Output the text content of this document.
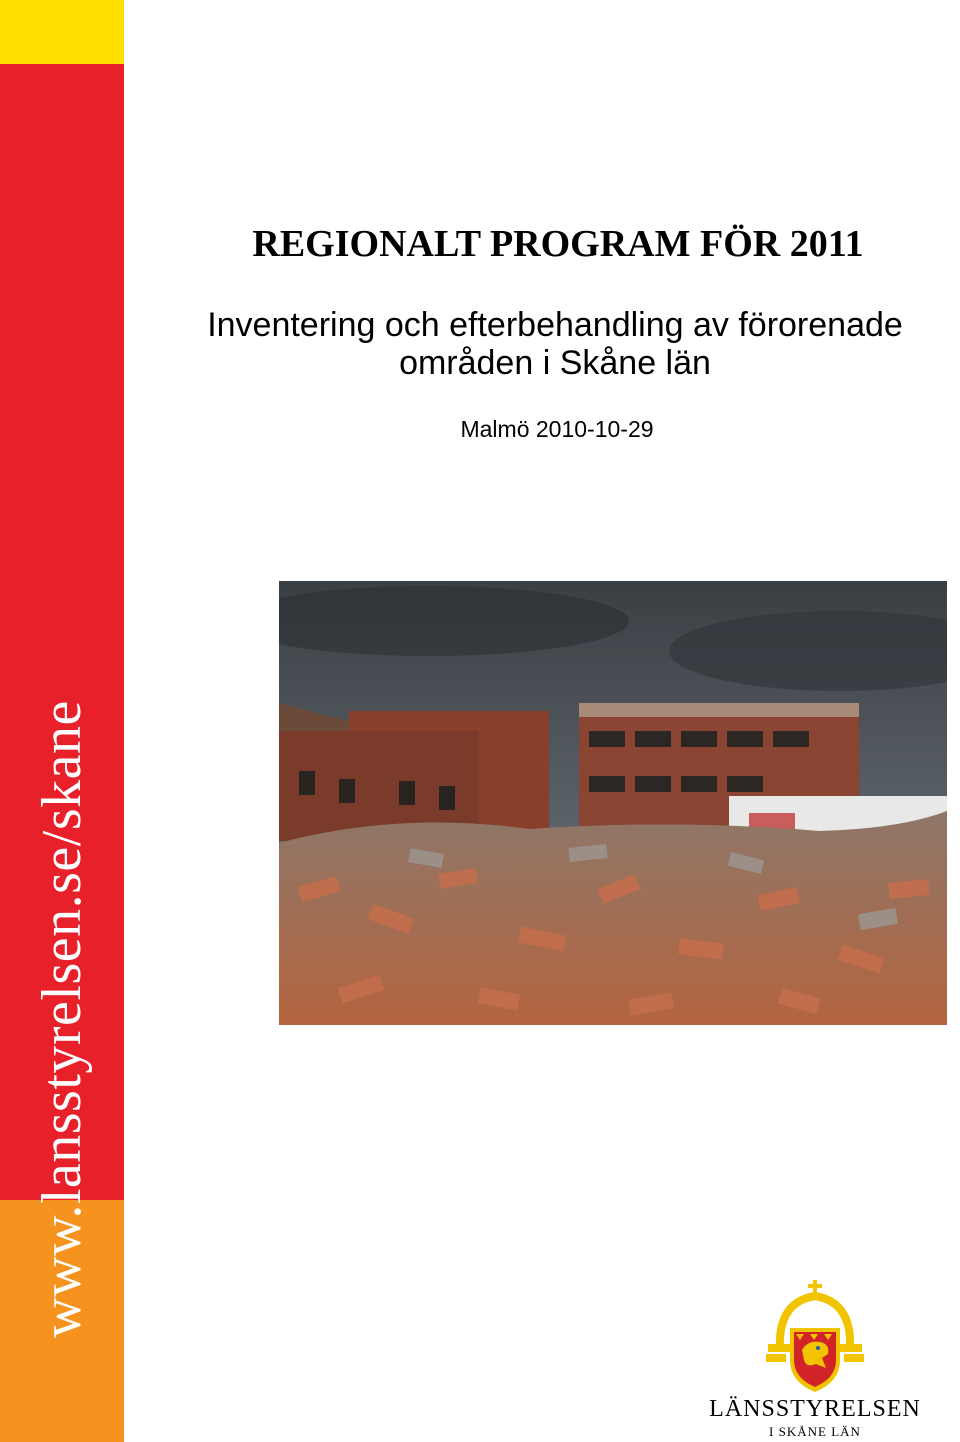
www.lansstyrelsen.se/skane
REGIONALT PROGRAM FÖR 2011
Inventering och efterbehandling av förorenade
områden i Skåne län
Malmö 2010-10-29
LÄNSSTYRELSEN
I SKÅNE LÄN
